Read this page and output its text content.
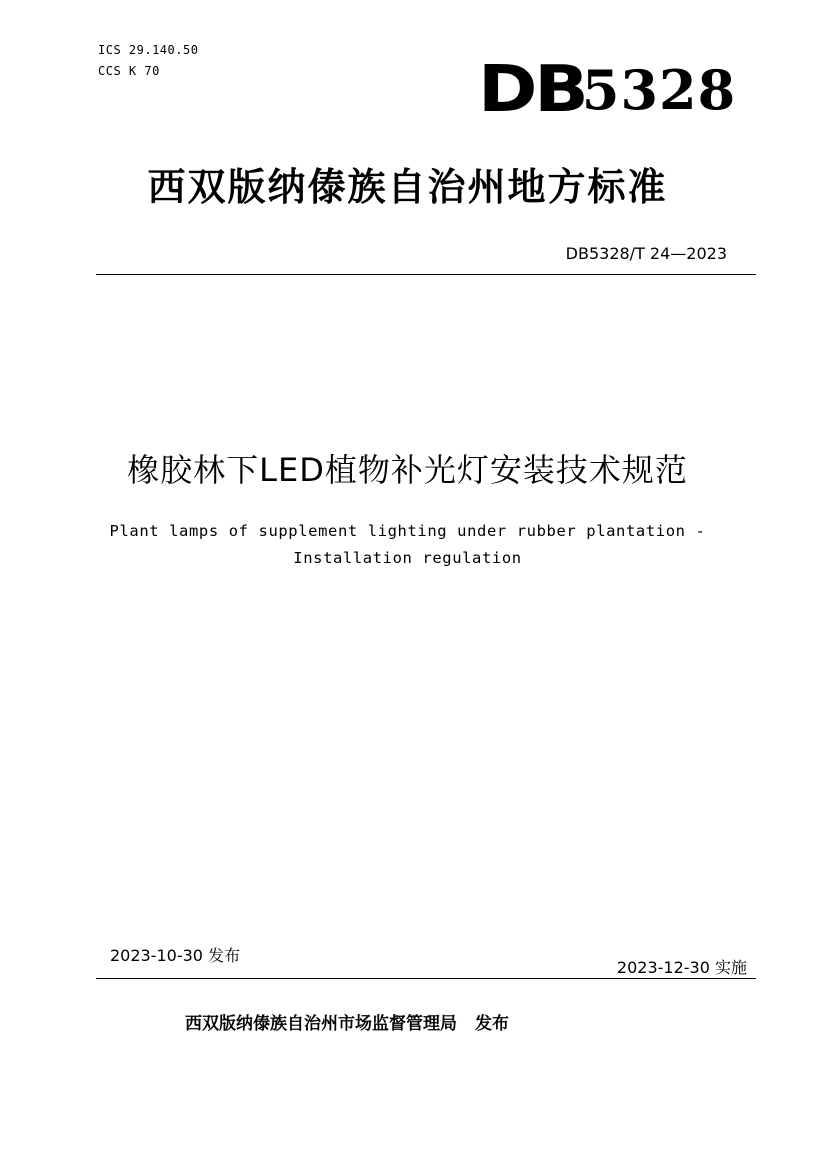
ICS 29.140.50
CCS K 70	DB
5328
西双版纳傣族自治州地方标准
DB5328/T 24—2023
橡胶林下LED植物补光灯安装技术规范
Plant lamps of supplement lighting under rubber plantation -
Installation regulation
2023-10-30 发布
2023-12-30 实施
西双版纳傣族自治州市场监督管理局 发布
